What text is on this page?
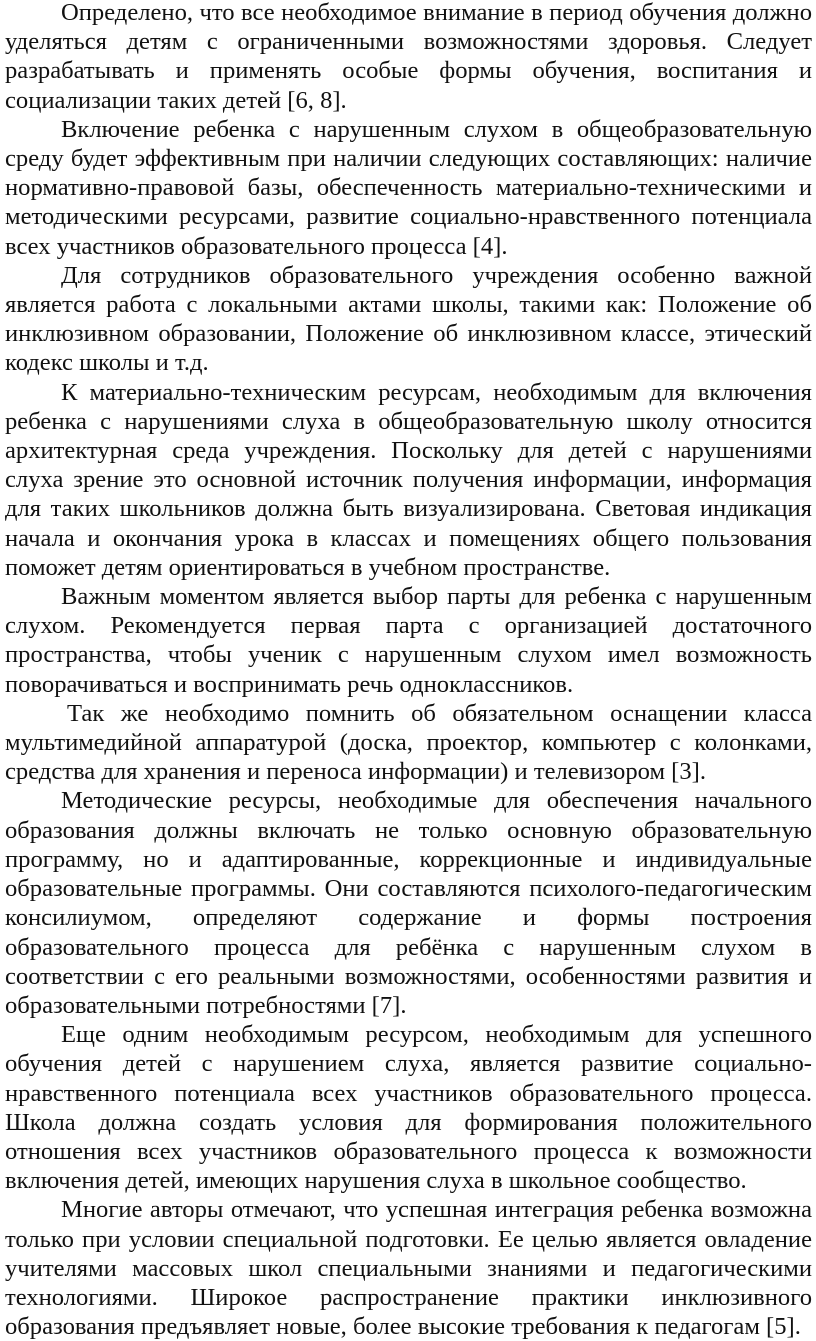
Определено, что все необходимое внимание в период обучения должно уделяться детям с ограниченными возможностями здоровья. Следует разрабатывать и применять особые формы обучения, воспитания и социализации таких детей [6, 8].

Включение ребенка с нарушенным слухом в общеобразовательную среду будет эффективным при наличии следующих составляющих: наличие нормативно-правовой базы, обеспеченность материально-техническими и методическими ресурсами, развитие социально-нравственного потенциала всех участников образовательного процесса [4].

Для сотрудников образовательного учреждения особенно важной является работа с локальными актами школы, такими как: Положение об инклюзивном образовании, Положение об инклюзивном классе, этический кодекс школы и т.д.

К материально-техническим ресурсам, необходимым для включения ребенка с нарушениями слуха в общеобразовательную школу относится архитектурная среда учреждения. Поскольку для детей с нарушениями слуха зрение это основной источник получения информации, информация для таких школьников должна быть визуализирована. Световая индикация начала и окончания урока в классах и помещениях общего пользования поможет детям ориентироваться в учебном пространстве.

Важным моментом является выбор парты для ребенка с нарушенным слухом. Рекомендуется первая парта с организацией достаточного пространства, чтобы ученик с нарушенным слухом имел возможность поворачиваться и воспринимать речь одноклассников.

Так же необходимо помнить об обязательном оснащении класса мультимедийной аппаратурой (доска, проектор, компьютер с колонками, средства для хранения и переноса информации) и телевизором [3].

Методические ресурсы, необходимые для обеспечения начального образования должны включать не только основную образовательную программу, но и адаптированные, коррекционные и индивидуальные образовательные программы. Они составляются психолого-педагогическим консилиумом, определяют содержание и формы построения образовательного процесса для ребёнка с нарушенным слухом в соответствии с его реальными возможностями, особенностями развития и образовательными потребностями [7].

Еще одним необходимым ресурсом, необходимым для успешного обучения детей с нарушением слуха, является развитие социально-нравственного потенциала всех участников образовательного процесса. Школа должна создать условия для формирования положительного отношения всех участников образовательного процесса к возможности включения детей, имеющих нарушения слуха в школьное сообщество.

Многие авторы отмечают, что успешная интеграция ребенка возможна только при условии специальной подготовки. Ее целью является овладение учителями массовых школ специальными знаниями и педагогическими технологиями. Широкое распространение практики инклюзивного образования предъявляет новые, более высокие требования к педагогам [5].
